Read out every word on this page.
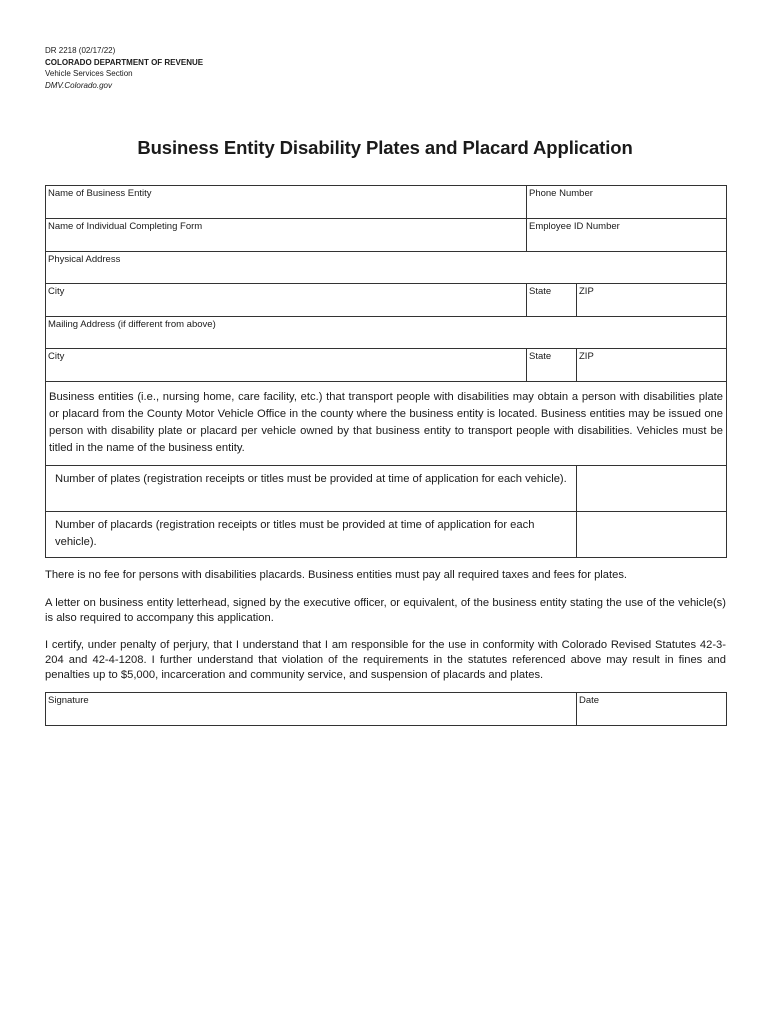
DR 2218 (02/17/22)
COLORADO DEPARTMENT OF REVENUE
Vehicle Services Section
DMV.Colorado.gov
Business Entity Disability Plates and Placard Application
Name of Business Entity	Phone Number	
Name of Individual Completing Form	Employee ID Number	
Physical Address		
City	State	ZIP
Mailing Address (if different from above)		
City	State	ZIP
Business entities (i.e., nursing home, care facility, etc.) that transport people with disabilities may obtain a person with disabilities plate or placard from the County Motor Vehicle Office in the county where the business entity is located. Business entities may be issued one person with disability plate or placard per vehicle owned by that business entity to transport people with disabilities. Vehicles must be titled in the name of the business entity.		
Number of plates (registration receipts or titles must be provided at time of application for each vehicle).		
Number of placards (registration receipts or titles must be provided at time of application for each vehicle).		
There is no fee for persons with disabilities placards. Business entities must pay all required taxes and fees for plates.
A letter on business entity letterhead, signed by the executive officer, or equivalent, of the business entity stating the use of the vehicle(s) is also required to accompany this application.
I certify, under penalty of perjury, that I understand that I am responsible for the use in conformity with Colorado Revised Statutes 42-3-204 and 42-4-1208. I further understand that violation of the requirements in the statutes referenced above may result in fines and penalties up to $5,000, incarceration and community service, and suspension of placards and plates.
Signature	Date
